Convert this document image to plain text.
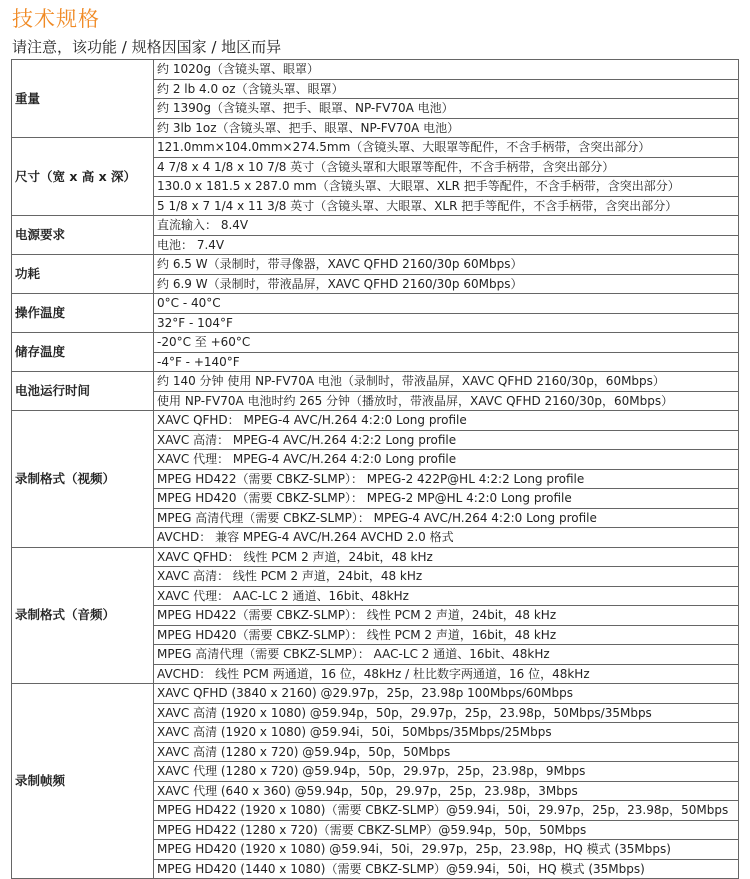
技术规格
请注意，该功能 / 规格因国家 / 地区而异
重量	约 1020g（含镜头罩、眼罩）
	约 2 lb 4.0 oz（含镜头罩、眼罩）
	约 1390g（含镜头罩、把手、眼罩、NP-FV70A 电池）
	约 3lb 1oz（含镜头罩、把手、眼罩、NP-FV70A 电池）
尺寸（宽 x 高 x 深）	121.0mm×104.0mm×274.5mm（含镜头罩、大眼罩等配件，不含手柄带，含突出部分）
	4 7/8 x 4 1/8 x 10 7/8 英寸（含镜头罩和大眼罩等配件，不含手柄带，含突出部分）
	130.0 x 181.5 x 287.0 mm（含镜头罩、大眼罩、XLR 把手等配件，不含手柄带，含突出部分）
	5 1/8 x 7 1/4 x 11 3/8 英寸（含镜头罩、大眼罩、XLR 把手等配件，不含手柄带，含突出部分）
电源要求	直流输入： 8.4V
	电池： 7.4V
功耗	约 6.5 W（录制时，带寻像器，XAVC QFHD 2160/30p 60Mbps）
	约 6.9 W（录制时，带液晶屏，XAVC QFHD 2160/30p 60Mbps）
操作温度	0°C - 40°C
	32°F - 104°F
储存温度	-20°C 至 +60°C
	-4°F - +140°F
电池运行时间	约 140 分钟 使用 NP-FV70A 电池（录制时，带液晶屏，XAVC QFHD 2160/30p，60Mbps）
	使用 NP-FV70A 电池时约 265 分钟（播放时，带液晶屏，XAVC QFHD 2160/30p，60Mbps）
录制格式（视频）	XAVC QFHD： MPEG-4 AVC/H.264 4:2:0 Long profile
	XAVC 高清： MPEG-4 AVC/H.264 4:2:2 Long profile
	XAVC 代理： MPEG-4 AVC/H.264 4:2:0 Long profile
	MPEG HD422（需要 CBKZ-SLMP）： MPEG-2 422P@HL 4:2:2 Long profile
	MPEG HD420（需要 CBKZ-SLMP）： MPEG-2 MP@HL 4:2:0 Long profile
	MPEG 高清代理（需要 CBKZ-SLMP）： MPEG-4 AVC/H.264 4:2:0 Long profile
	AVCHD： 兼容 MPEG-4 AVC/H.264 AVCHD 2.0 格式
录制格式（音频）	XAVC QFHD： 线性 PCM 2 声道，24bit，48 kHz
	XAVC 高清： 线性 PCM 2 声道，24bit，48 kHz
	XAVC 代理： AAC-LC 2 通道、16bit、48kHz
	MPEG HD422（需要 CBKZ-SLMP）： 线性 PCM 2 声道，24bit，48 kHz
	MPEG HD420（需要 CBKZ-SLMP）： 线性 PCM 2 声道，16bit，48 kHz
	MPEG 高清代理（需要 CBKZ-SLMP）： AAC-LC 2 通道、16bit、48kHz
	AVCHD： 线性 PCM 两通道，16 位，48kHz / 杜比数字两通道，16 位，48kHz
录制帧频	XAVC QFHD (3840 x 2160) @29.97p，25p，23.98p 100Mbps/60Mbps
	XAVC 高清 (1920 x 1080) @59.94p，50p，29.97p，25p，23.98p，50Mbps/35Mbps
	XAVC 高清 (1920 x 1080) @59.94i，50i，50Mbps/35Mbps/25Mbps
	XAVC 高清 (1280 x 720) @59.94p，50p，50Mbps
	XAVC 代理 (1280 x 720) @59.94p，50p，29.97p，25p，23.98p，9Mbps
	XAVC 代理 (640 x 360) @59.94p，50p，29.97p，25p，23.98p，3Mbps
	MPEG HD422 (1920 x 1080)（需要 CBKZ-SLMP）@59.94i，50i，29.97p，25p，23.98p，50Mbps
	MPEG HD422 (1280 x 720)（需要 CBKZ-SLMP）@59.94p，50p，50Mbps
	MPEG HD420 (1920 x 1080) @59.94i，50i，29.97p，25p，23.98p，HQ 模式 (35Mbps)
	MPEG HD420 (1440 x 1080)（需要 CBKZ-SLMP）@59.94i，50i，HQ 模式 (35Mbps)
